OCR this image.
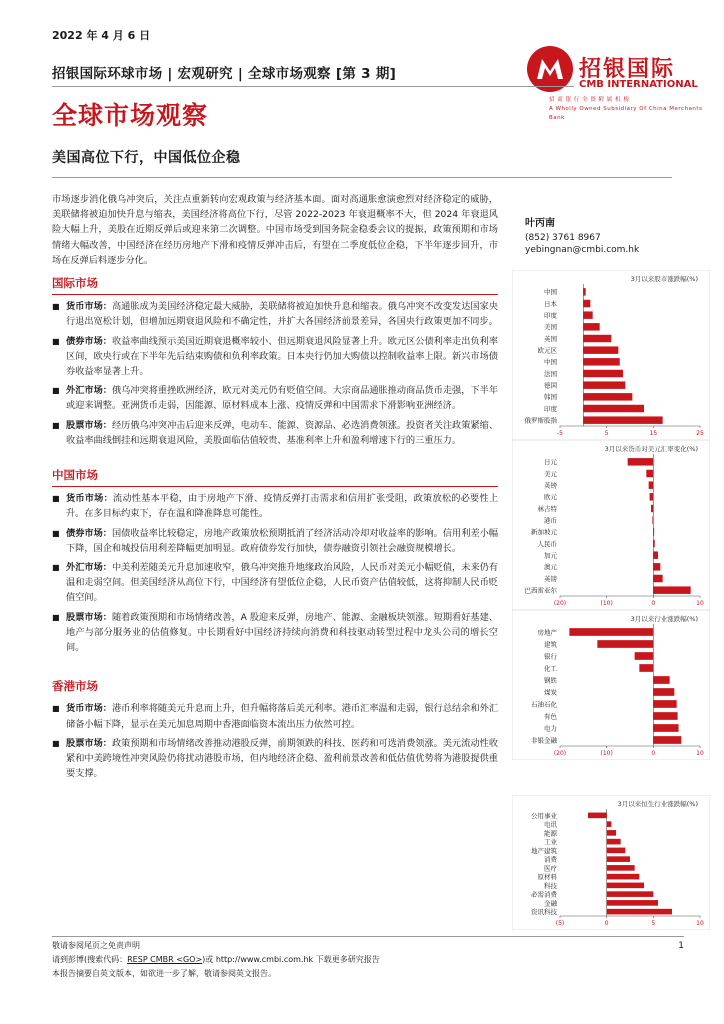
2022 年 4 月 6 日
招银国际环球市场 | 宏观研究 | 全球市场观察 [第 3 期]	招银国际
CMB INTERNATIONAL
招 商 银 行 全 资 附 属 机 构
A Wholly Owned Subsidiary Of China Merchants Bank
全球市场观察
美国高位下行，中国低位企稳
叶丙南
(852) 3761 8967
yebingnan@cmbi.com.hk

市场逐步消化俄乌冲突后，关注点重新转向宏观政策与经济基本面。面对高通胀愈演愈烈对经济稳定的威胁，美联储将被迫加快升息与缩表，美国经济将高位下行，尽管 2022-2023 年衰退概率不大，但 2024 年衰退风险大幅上升，美股在近期反弹后或迎来第二次调整。中国市场受到国务院金稳委会议的提振，政策预期和市场情绪大幅改善，中国经济在经历房地产下滑和疫情反弹冲击后，有望在二季度低位企稳，下半年逐步回升，市场在反弹后料逐步分化。

国际市场
■ 货币市场：高通胀成为美国经济稳定最大威胁，美联储将被迫加快升息和缩表。俄乌冲突不改变发达国家央行退出宽松计划，但增加远期衰退风险和不确定性，并扩大各国经济前景差异，各国央行政策更加不同步。
■ 债券市场：收益率曲线预示美国近期衰退概率较小、但远期衰退风险显著上升。欧元区公债利率走出负利率区间，欧央行或在下半年先后结束购债和负利率政策。日本央行仍加大购债以控制收益率上限。新兴市场债券收益率显著上升。
■ 外汇市场：俄乌冲突将重挫欧洲经济，欧元对美元仍有贬值空间。大宗商品通胀推动商品货币走强，下半年或迎来调整。亚洲货币走弱，因能源、原材料成本上涨、疫情反弹和中国需求下滑影响亚洲经济。
■ 股票市场：经历俄乌冲突冲击后迎来反弹，电动车、能源、资源品、必选消费领涨。投资者关注政策紧缩、收益率曲线倒挂和远期衰退风险，美股面临估值较贵、基准利率上升和盈利增速下行的三重压力。
中国市场
■ 货币市场：流动性基本平稳，由于房地产下滑、疫情反弹打击需求和信用扩张受阻，政策放松的必要性上升。在多目标约束下，存在温和降准降息可能性。
■ 债券市场：国债收益率比较稳定，房地产政策放松预期抵消了经济活动冷却对收益率的影响。信用利差小幅下降，国企和城投信用利差降幅更加明显。政府债券发行加快，债券融资引领社会融资规模增长。
■ 外汇市场：中美利差随美元升息加速收窄，俄乌冲突推升地缘政治风险，人民币对美元小幅贬值，未来仍有温和走弱空间。但美国经济从高位下行，中国经济有望低位企稳，人民币资产估值较低，这将抑制人民币贬值空间。
■ 股票市场：随着政策预期和市场情绪改善，A 股迎来反弹，房地产、能源、金融板块领涨。短期看好基建、地产与部分服务业的估值修复。中长期看好中国经济持续向消费和科技驱动转型过程中龙头公司的增长空间。
香港市场
■ 货币市场：港币利率将随美元升息而上升，但升幅将落后美元利率。港币汇率温和走弱，银行总结余和外汇储备小幅下降，显示在美元加息周期中香港面临资本流出压力依然可控。
■ 股票市场：政策预期和市场情绪改善推动港股反弹，前期领跌的科技、医药和可选消费领涨。美元流动性收紧和中美跨境性冲突风险仍将扰动港股市场，但内地经济企稳、盈利前景改善和低估值优势将为港股提供重要支撑。
3月以来股市涨跌幅(%)
中国
日本
印度
美国
英国
欧元区
中国
法国
德国
韩国
印度
俄罗斯股指
-5	5	15	25
3月以来货币对美元汇率变化(%)
日元
美元
英镑
欧元
林吉特
港币
新加坡元
人民币
加元
澳元
英镑
巴西雷亚尔
(20)	(10)	0	10
3月以来行业涨跌幅(%)
房地产
建筑
银行
化工
钢铁
煤炭
石油石化
有色
电力
非银金融
(20)	(10)	0	10
3月以来恒生行业涨跌幅(%)
公用事业
电讯
能源
工业
地产建筑
消费
医疗
原材料
科技
必需消费
金融
资讯科技
(5)	0	5	10
敬请参阅尾页之免责声明
请到彭博(搜索代码：RESP CMBR <GO>)或 http://www.cmbi.com.hk 下载更多研究报告
本报告摘要自英文版本，如欲进一步了解，敬请参阅英文报告。
1
